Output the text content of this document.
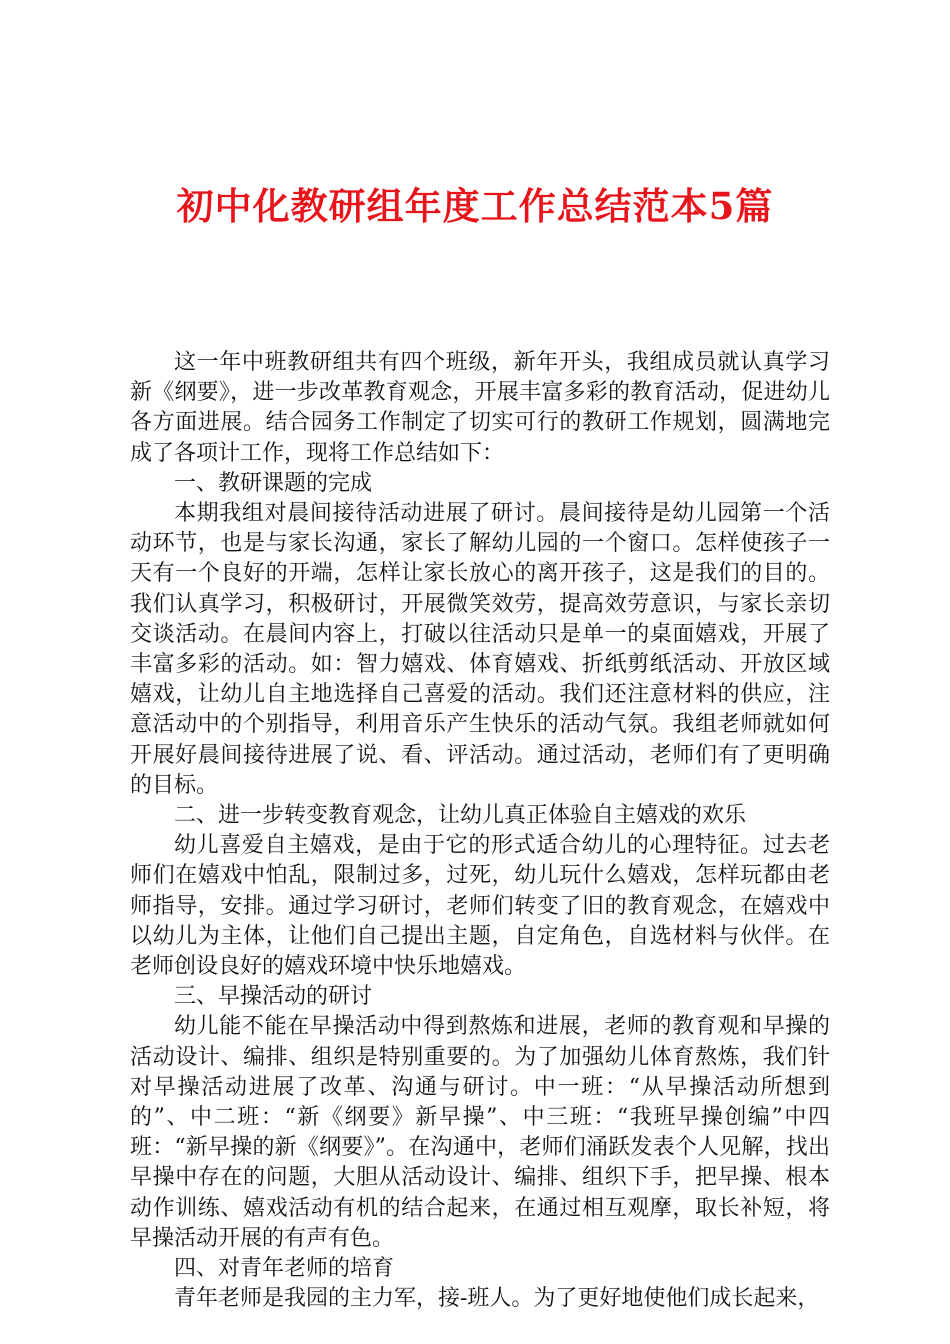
初中化教研组年度工作总结范本5篇

这一年中班教研组共有四个班级，新年开头，我组成员就认真学习新《纲要》，进一步改革教育观念，开展丰富多彩的教育活动，促进幼儿各方面进展。结合园务工作制定了切实可行的教研工作规划，圆满地完成了各项计工作，现将工作总结如下：

一、教研课题的完成

本期我组对晨间接待活动进展了研讨。晨间接待是幼儿园第一个活动环节，也是与家长沟通，家长了解幼儿园的一个窗口。怎样使孩子一天有一个良好的开端，怎样让家长放心的离开孩子，这是我们的目的。我们认真学习，积极研讨，开展微笑效劳，提高效劳意识，与家长亲切交谈活动。在晨间内容上，打破以往活动只是单一的桌面嬉戏，开展了丰富多彩的活动。如：智力嬉戏、体育嬉戏、折纸剪纸活动、开放区域嬉戏，让幼儿自主地选择自己喜爱的活动。我们还注意材料的供应，注意活动中的个别指导，利用音乐产生快乐的活动气氛。我组老师就如何开展好晨间接待进展了说、看、评活动。通过活动，老师们有了更明确的目标。

二、进一步转变教育观念，让幼儿真正体验自主嬉戏的欢乐

幼儿喜爱自主嬉戏，是由于它的形式适合幼儿的心理特征。过去老师们在嬉戏中怕乱，限制过多，过死，幼儿玩什么嬉戏，怎样玩都由老师指导，安排。通过学习研讨，老师们转变了旧的教育观念，在嬉戏中以幼儿为主体，让他们自己提出主题，自定角色，自选材料与伙伴。在老师创设良好的嬉戏环境中快乐地嬉戏。

三、早操活动的研讨

幼儿能不能在早操活动中得到熬炼和进展，老师的教育观和早操的活动设计、编排、组织是特别重要的。为了加强幼儿体育熬炼，我们针对早操活动进展了改革、沟通与研讨。中一班：“从早操活动所想到的”、中二班：“新《纲要》新早操”、中三班：“我班早操创编”中四班：“新早操的新《纲要》”。在沟通中，老师们涌跃发表个人见解，找出早操中存在的问题，大胆从活动设计、编排、组织下手，把早操、根本动作训练、嬉戏活动有机的结合起来，在通过相互观摩，取长补短，将早操活动开展的有声有色。

四、对青年老师的培育

青年老师是我园的主力军，接-班人。为了更好地使他们成长起来，
